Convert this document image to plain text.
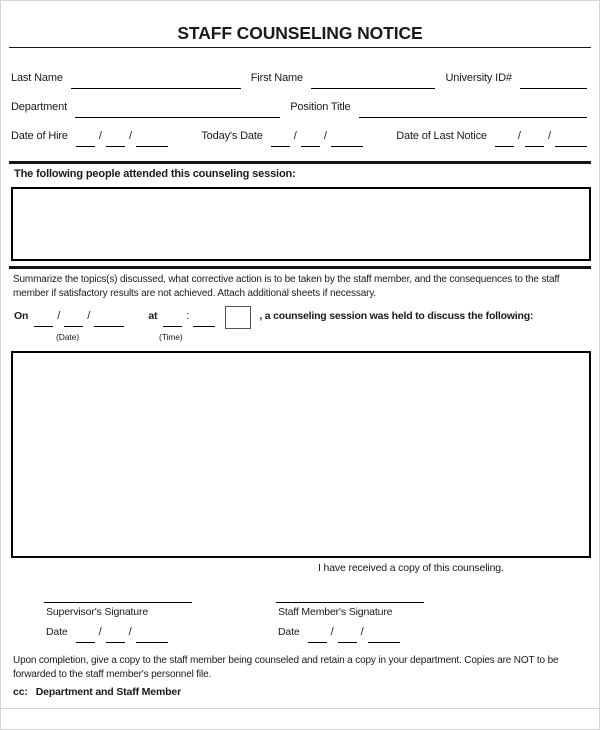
STAFF COUNSELING NOTICE
Last Name	First Name	University ID#
Department	Position Title
Date of Hire	/ /	Today's Date	/ /	Date of Last Notice	/ /
The following people attended this counseling session:
Summarize the topics(s) discussed, what corrective action is to be taken by the staff member, and the consequences to the staff member if satisfactory results are not achieved. Attach additional sheets if necessary.
On	/ /	at	:	, a counseling session was held to discuss the following:
(Date)	(Time)
I have received a copy of this counseling.
Supervisor's Signature
Date	/ /
Staff Member's Signature
Date	/ /
Upon completion, give a copy to the staff member being counseled and retain a copy in your department. Copies are NOT to be forwarded to the staff member's personnel file.
cc: Department and Staff Member
